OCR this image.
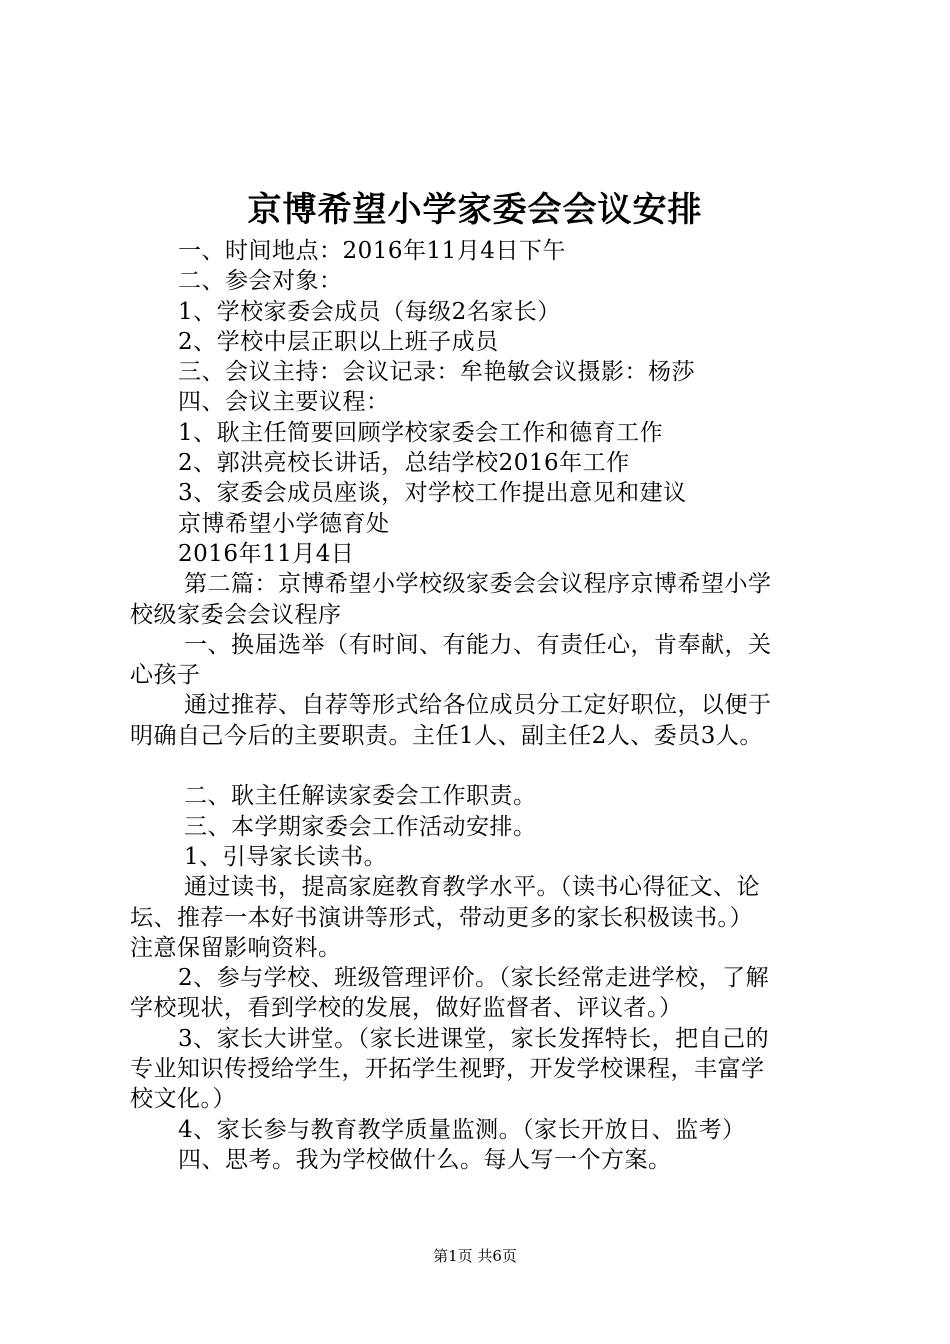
京博希望小学家委会会议安排
一、时间地点：2016年11月4日下午
二、参会对象：
1、学校家委会成员（每级2名家长）
2、学校中层正职以上班子成员
三、会议主持：会议记录：牟艳敏会议摄影：杨莎
四、会议主要议程：
1、耿主任简要回顾学校家委会工作和德育工作
2、郭洪亮校长讲话，总结学校2016年工作
3、家委会成员座谈，对学校工作提出意见和建议
京博希望小学德育处
2016年11月4日
第二篇：京博希望小学校级家委会会议程序京博希望小学
校级家委会会议程序
一、换届选举（有时间、有能力、有责任心，肯奉献，关
心孩子
通过推荐、自荐等形式给各位成员分工定好职位，以便于
明确自己今后的主要职责。主任1人、副主任2人、委员3人。
二、耿主任解读家委会工作职责。
三、本学期家委会工作活动安排。
1、引导家长读书。
通过读书，提高家庭教育教学水平。（读书心得征文、论
坛、推荐一本好书演讲等形式，带动更多的家长积极读书。）
注意保留影响资料。
2、参与学校、班级管理评价。（家长经常走进学校，了解
学校现状，看到学校的发展，做好监督者、评议者。）
3、家长大讲堂。（家长进课堂，家长发挥特长，把自己的
专业知识传授给学生，开拓学生视野，开发学校课程，丰富学
校文化。）
4、家长参与教育教学质量监测。（家长开放日、监考）
四、思考。我为学校做什么。每人写一个方案。
第1页 共6页
